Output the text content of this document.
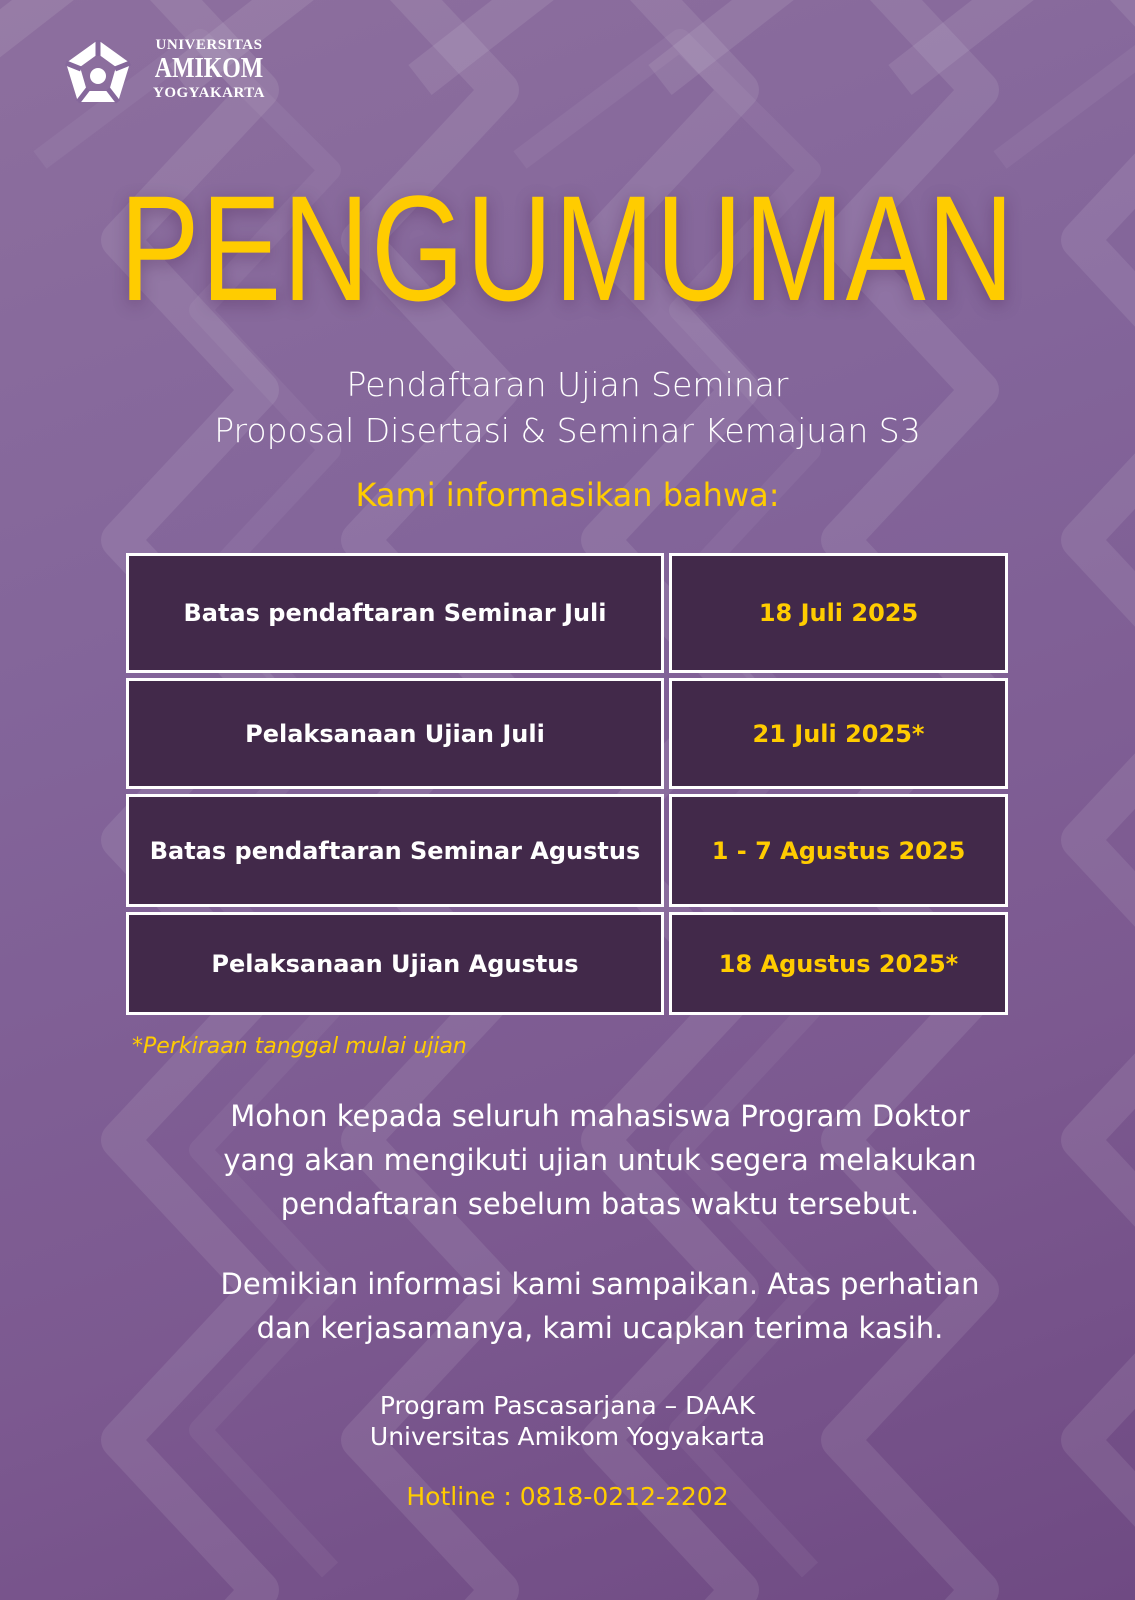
UNIVERSITAS
AMIKOM
YOGYAKARTA
PENGUMUMAN
Pendaftaran Ujian Seminar
Proposal Disertasi & Seminar Kemajuan S3
Kami informasikan bahwa:
Batas pendaftaran Seminar Juli	18 Juli 2025
Pelaksanaan Ujian Juli	21 Juli 2025*
Batas pendaftaran Seminar Agustus	1 - 7 Agustus 2025
Pelaksanaan Ujian Agustus	18 Agustus 2025*
*Perkiraan tanggal mulai ujian
Mohon kepada seluruh mahasiswa Program Doktor
yang akan mengikuti ujian untuk segera melakukan
pendaftaran sebelum batas waktu tersebut.
Demikian informasi kami sampaikan. Atas perhatian
dan kerjasamanya, kami ucapkan terima kasih.
Program Pascasarjana – DAAK
Universitas Amikom Yogyakarta
Hotline : 0818-0212-2202
